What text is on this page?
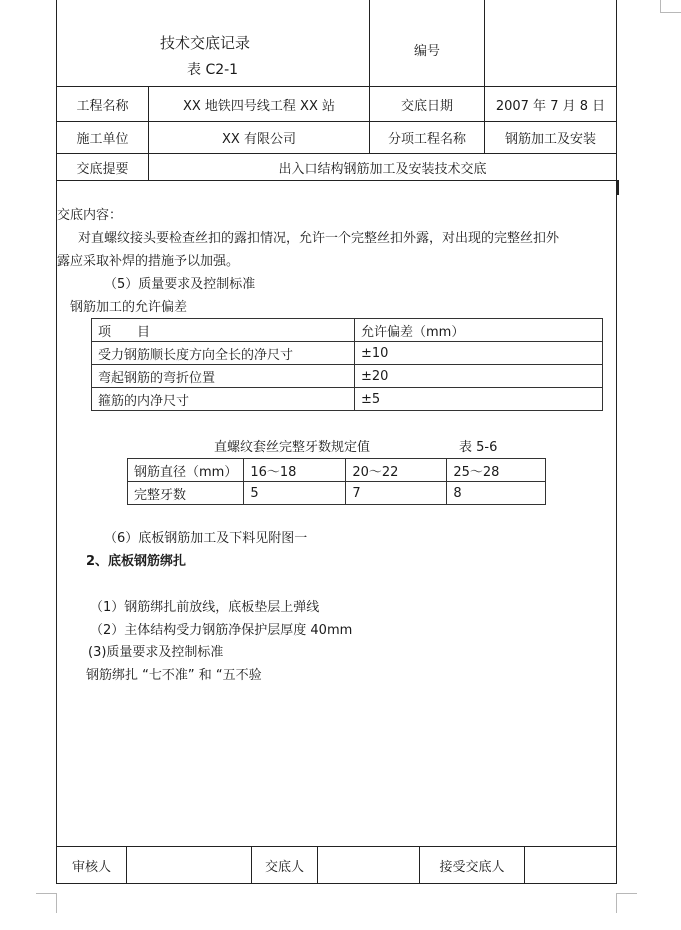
技术交底记录
表 C2-1
编号
工程名称	XX 地铁四号线工程 XX 站	交底日期	2007 年 7 月 8 日
施工单位	XX 有限公司	分项工程名称	钢筋加工及安装
交底提要	出入口结构钢筋加工及安装技术交底
交底内容：
对直螺纹接头要检查丝扣的露扣情况，允许一个完整丝扣外露，对出现的完整丝扣外
露应采取补焊的措施予以加强。
（5）质量要求及控制标准
钢筋加工的允许偏差
项　　目	允许偏差（mm）
受力钢筋顺长度方向全长的净尺寸	±10
弯起钢筋的弯折位置	±20
箍筋的内净尺寸	±5
直螺纹套丝完整牙数规定值	表 5-6
钢筋直径（mm）	16～18	20～22	25～28
完整牙数	5	7	8
（6）底板钢筋加工及下料见附图一
2、底板钢筋绑扎
（1）钢筋绑扎前放线，底板垫层上弹线
（2）主体结构受力钢筋净保护层厚度 40mm
(3)质量要求及控制标准
钢筋绑扎 “七不准” 和 “五不验
审核人	交底人	接受交底人
